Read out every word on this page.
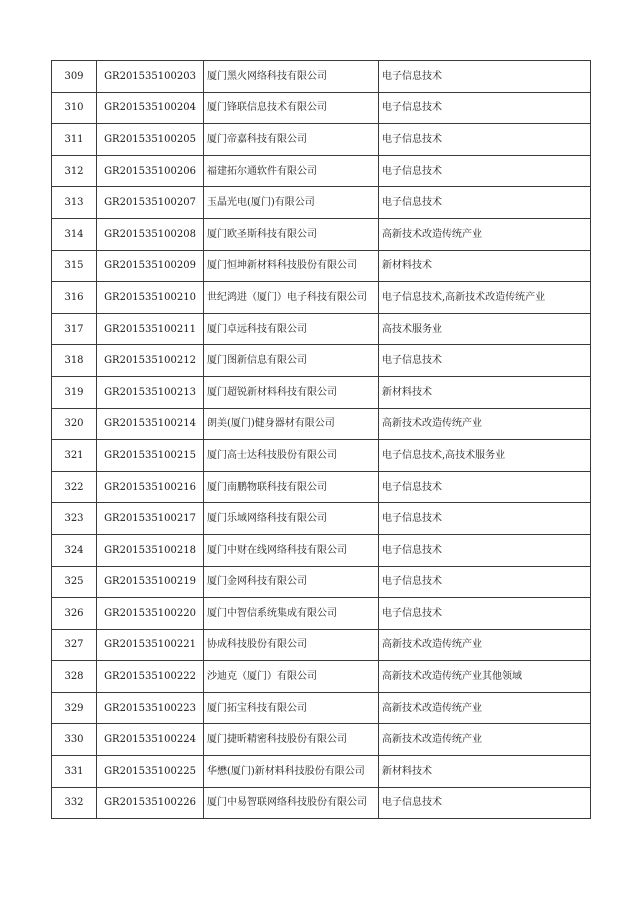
309	GR201535100203	厦门黑火网络科技有限公司	电子信息技术
310	GR201535100204	厦门锋联信息技术有限公司	电子信息技术
311	GR201535100205	厦门帝嘉科技有限公司	电子信息技术
312	GR201535100206	福建拓尔通软件有限公司	电子信息技术
313	GR201535100207	玉晶光电(厦门)有限公司	电子信息技术
314	GR201535100208	厦门欧圣斯科技有限公司	高新技术改造传统产业
315	GR201535100209	厦门恒坤新材料科技股份有限公司	新材料技术
316	GR201535100210	世纪鸿进（厦门）电子科技有限公司	电子信息技术,高新技术改造传统产业
317	GR201535100211	厦门卓远科技有限公司	高技术服务业
318	GR201535100212	厦门图新信息有限公司	电子信息技术
319	GR201535100213	厦门超锐新材料科技有限公司	新材料技术
320	GR201535100214	朗美(厦门)健身器材有限公司	高新技术改造传统产业
321	GR201535100215	厦门高士达科技股份有限公司	电子信息技术,高技术服务业
322	GR201535100216	厦门南鹏物联科技有限公司	电子信息技术
323	GR201535100217	厦门乐域网络科技有限公司	电子信息技术
324	GR201535100218	厦门中财在线网络科技有限公司	电子信息技术
325	GR201535100219	厦门金网科技有限公司	电子信息技术
326	GR201535100220	厦门中智信系统集成有限公司	电子信息技术
327	GR201535100221	协成科技股份有限公司	高新技术改造传统产业
328	GR201535100222	沙迪克（厦门）有限公司	高新技术改造传统产业其他领域
329	GR201535100223	厦门拓宝科技有限公司	高新技术改造传统产业
330	GR201535100224	厦门捷昕精密科技股份有限公司	高新技术改造传统产业
331	GR201535100225	华懋(厦门)新材料科技股份有限公司	新材料技术
332	GR201535100226	厦门中易智联网络科技股份有限公司	电子信息技术
